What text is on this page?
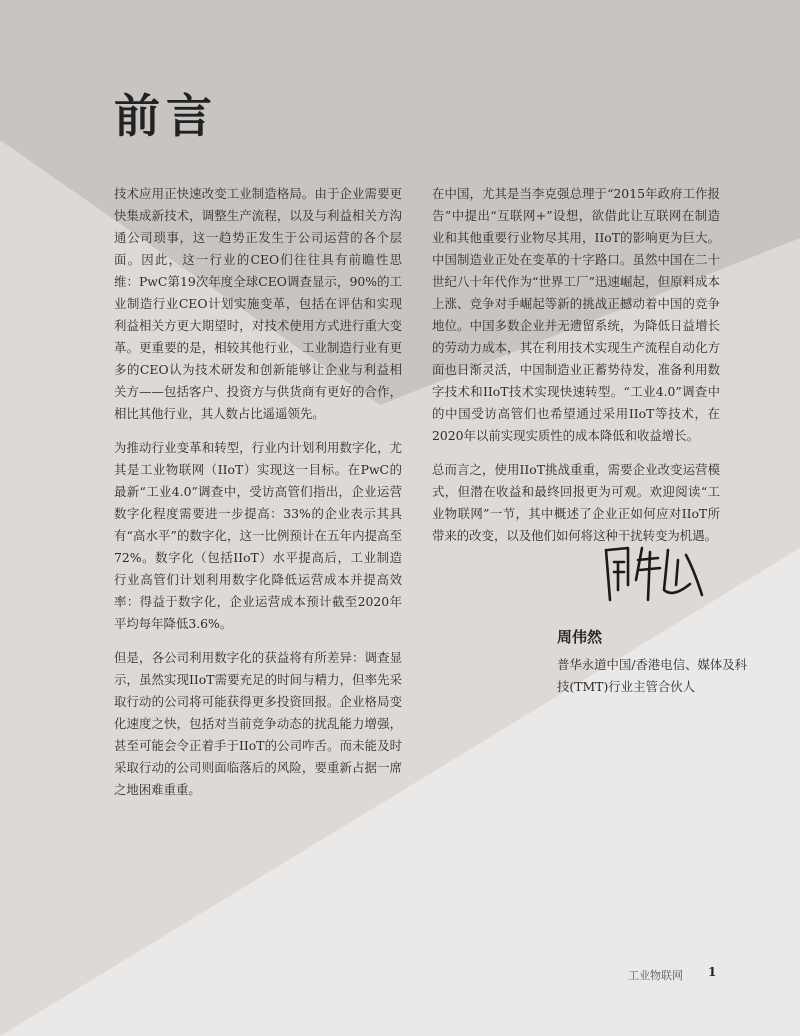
前言

技术应用正快速改变工业制造格局。由于企业需要更快集成新技术，调整生产流程，以及与利益相关方沟通公司琐事，这一趋势正发生于公司运营的各个层面。因此，这一行业的CEO们往往具有前瞻性思维：PwC第19次年度全球CEO调查显示，90%的工业制造行业CEO计划实施变革，包括在评估和实现利益相关方更大期望时，对技术使用方式进行重大变革。更重要的是，相较其他行业，工业制造行业有更多的CEO认为技术研发和创新能够让企业与利益相关方——包括客户、投资方与供货商有更好的合作，相比其他行业，其人数占比遥遥领先。

为推动行业变革和转型，行业内计划利用数字化，尤其是工业物联网（IIoT）实现这一目标。在PwC的最新“工业4.0”调查中，受访高管们指出，企业运营数字化程度需要进一步提高：33%的企业表示其具有“高水平”的数字化，这一比例预计在五年内提高至72%。数字化（包括IIoT）水平提高后，工业制造行业高管们计划利用数字化降低运营成本并提高效率：得益于数字化，企业运营成本预计截至2020年平均每年降低3.6%。

但是，各公司利用数字化的获益将有所差异：调查显示，虽然实现IIoT需要充足的时间与精力，但率先采取行动的公司将可能获得更多投资回报。企业格局变化速度之快，包括对当前竞争动态的扰乱能力增强，甚至可能会令正着手于IIoT的公司咋舌。而未能及时采取行动的公司则面临落后的风险，要重新占据一席之地困难重重。

在中国，尤其是当李克强总理于“2015年政府工作报告”中提出“互联网+”设想，欲借此让互联网在制造业和其他重要行业物尽其用，IIoT的影响更为巨大。中国制造业正处在变革的十字路口。虽然中国在二十世纪八十年代作为“世界工厂”迅速崛起，但原料成本上涨、竞争对手崛起等新的挑战正撼动着中国的竞争地位。中国多数企业并无遗留系统，为降低日益增长的劳动力成本，其在利用技术实现生产流程自动化方面也日渐灵活，中国制造业正蓄势待发，准备利用数字技术和IIoT技术实现快速转型。“工业4.0”调查中的中国受访高管们也希望通过采用IIoT等技术，在2020年以前实现实质性的成本降低和收益增长。

总而言之，使用IIoT挑战重重，需要企业改变运营模式，但潜在收益和最终回报更为可观。欢迎阅读“工业物联网”一节，其中概述了企业正如何应对IIoT所带来的改变，以及他们如何将这种干扰转变为机遇。

周伟然
普华永道中国/香港电信、媒体及科技(TMT)行业主管合伙人
工业物联网 1
